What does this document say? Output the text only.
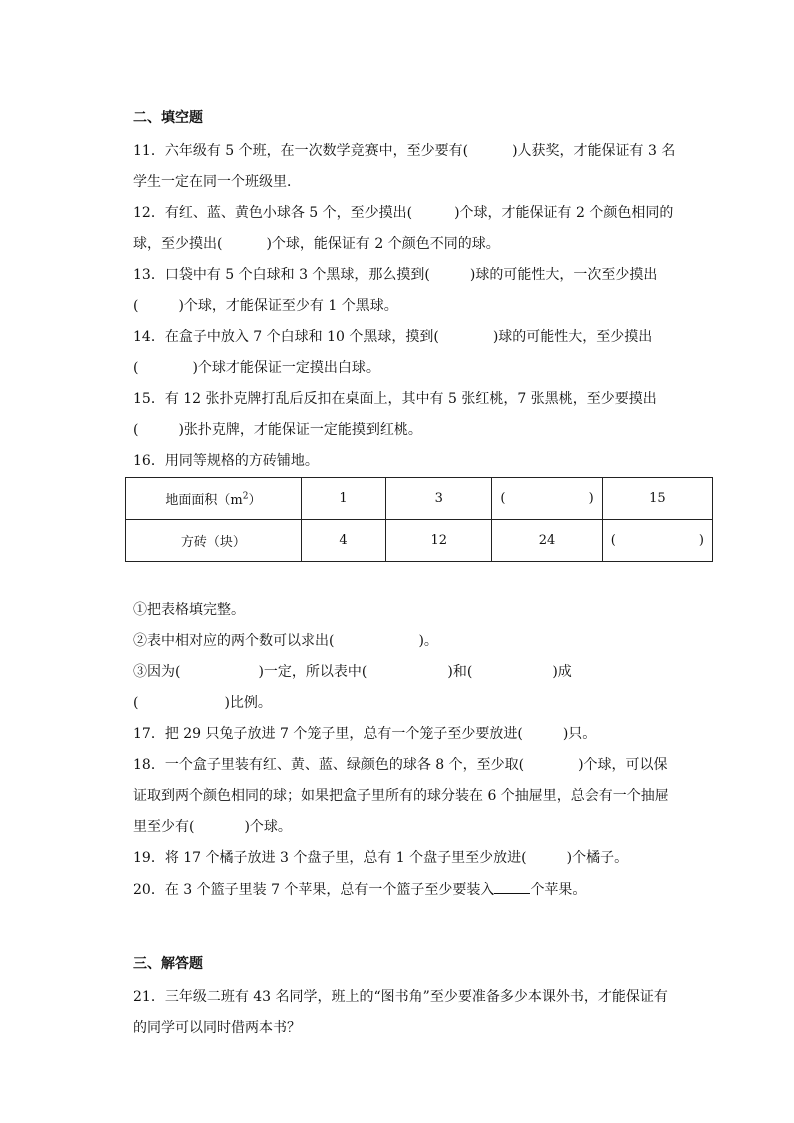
二、填空题
11．六年级有 5 个班，在一次数学竞赛中，至少要有(	)人获奖，才能保证有 3 名
学生一定在同一个班级里．
12．有红、蓝、黄色小球各 5 个，至少摸出(	)个球，才能保证有 2 个颜色相同的
球，至少摸出(	)个球，能保证有 2 个颜色不同的球。
13．口袋中有 5 个白球和 3 个黑球，那么摸到(	)球的可能性大，一次至少摸出
(	)个球，才能保证至少有 1 个黑球。
14．在盒子中放入 7 个白球和 10 个黑球，摸到(	)球的可能性大，至少摸出
(	)个球才能保证一定摸出白球。
15．有 12 张扑克牌打乱后反扣在桌面上，其中有 5 张红桃，7 张黑桃，至少要摸出
(	)张扑克牌，才能保证一定能摸到红桃。
16．用同等规格的方砖铺地。
地面面积$(m^2)$	1	3	( )	15
方砖（块）	4	12	24	( )
①把表格填完整。
②表中相对应的两个数可以求出(	)。
③因为(	)一定，所以表中(	)和(	)成
(	)比例。
17．把 29 只兔子放进 7 个笼子里，总有一个笼子至少要放进(	)只。
18．一个盒子里装有红、黄、蓝、绿颜色的球各 8 个，至少取(	)个球，可以保
证取到两个颜色相同的球；如果把盒子里所有的球分装在 6 个抽屉里，总会有一个抽屉
里至少有(	)个球。
19．将 17 个橘子放进 3 个盘子里，总有 1 个盘子里至少放进(	)个橘子。
20．在 3 个篮子里装 7 个苹果，总有一个篮子至少要装入	个苹果。
三、解答题
21．三年级二班有 43 名同学，班上的“图书角”至少要准备多少本课外书，才能保证有
的同学可以同时借两本书？
